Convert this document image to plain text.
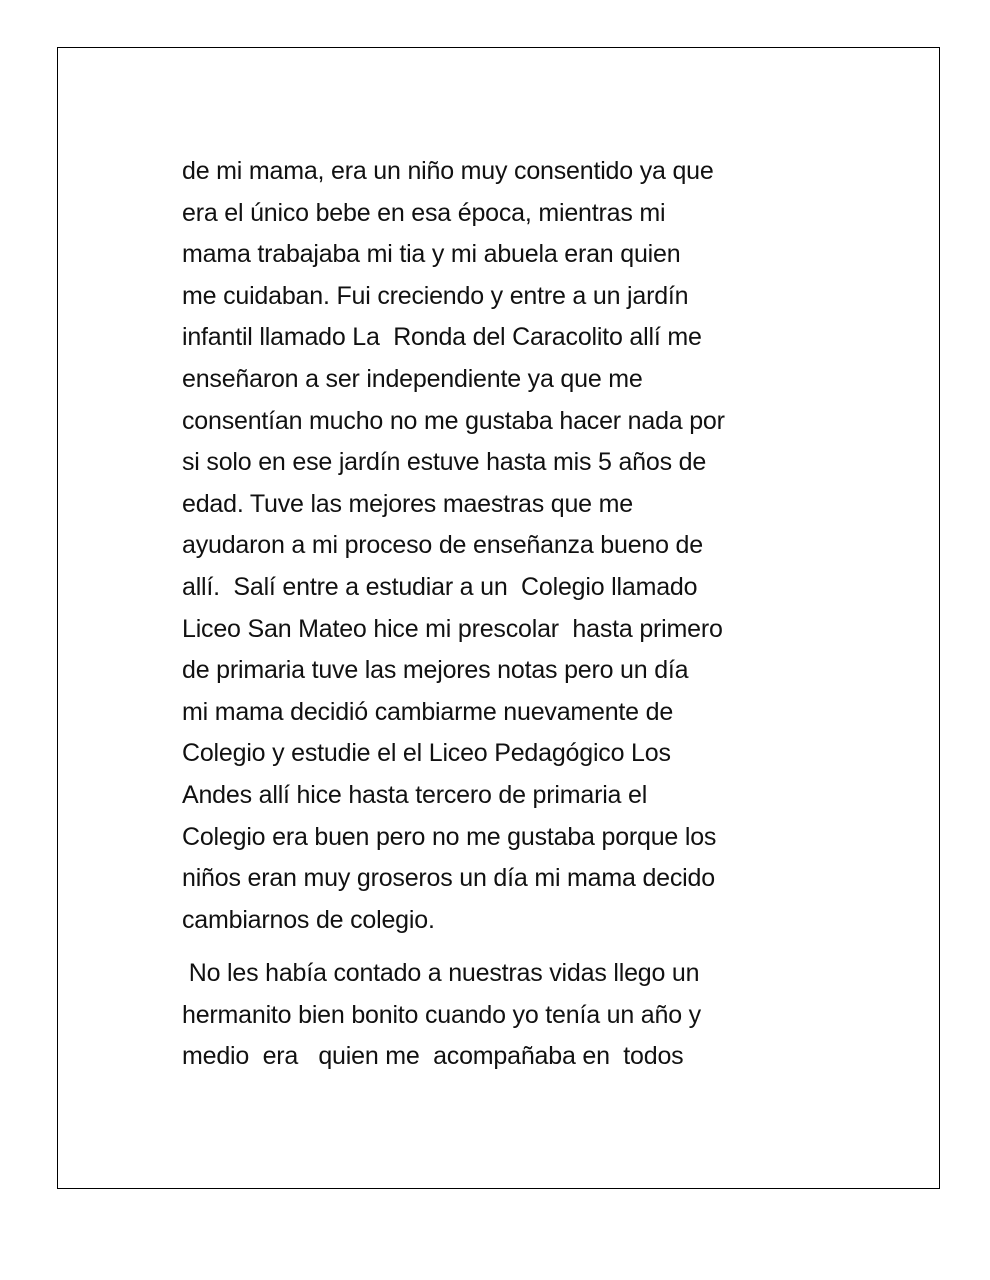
de mi mama, era un niño muy consentido ya que
era el único bebe en esa época, mientras mi
mama trabajaba mi tia y mi abuela eran quien
me cuidaban. Fui creciendo y entre a un jardín
infantil llamado La  Ronda del Caracolito allí me
enseñaron a ser independiente ya que me
consentían mucho no me gustaba hacer nada por
si solo en ese jardín estuve hasta mis 5 años de
edad. Tuve las mejores maestras que me
ayudaron a mi proceso de enseñanza bueno de
allí.  Salí entre a estudiar a un  Colegio llamado
Liceo San Mateo hice mi prescolar  hasta primero
de primaria tuve las mejores notas pero un día
mi mama decidió cambiarme nuevamente de
Colegio y estudie el el Liceo Pedagógico Los
Andes allí hice hasta tercero de primaria el
Colegio era buen pero no me gustaba porque los
niños eran muy groseros un día mi mama decido
cambiarnos de colegio.
No les había contado a nuestras vidas llego un
hermanito bien bonito cuando yo tenía un año y
medio  era   quien me  acompañaba en  todos
